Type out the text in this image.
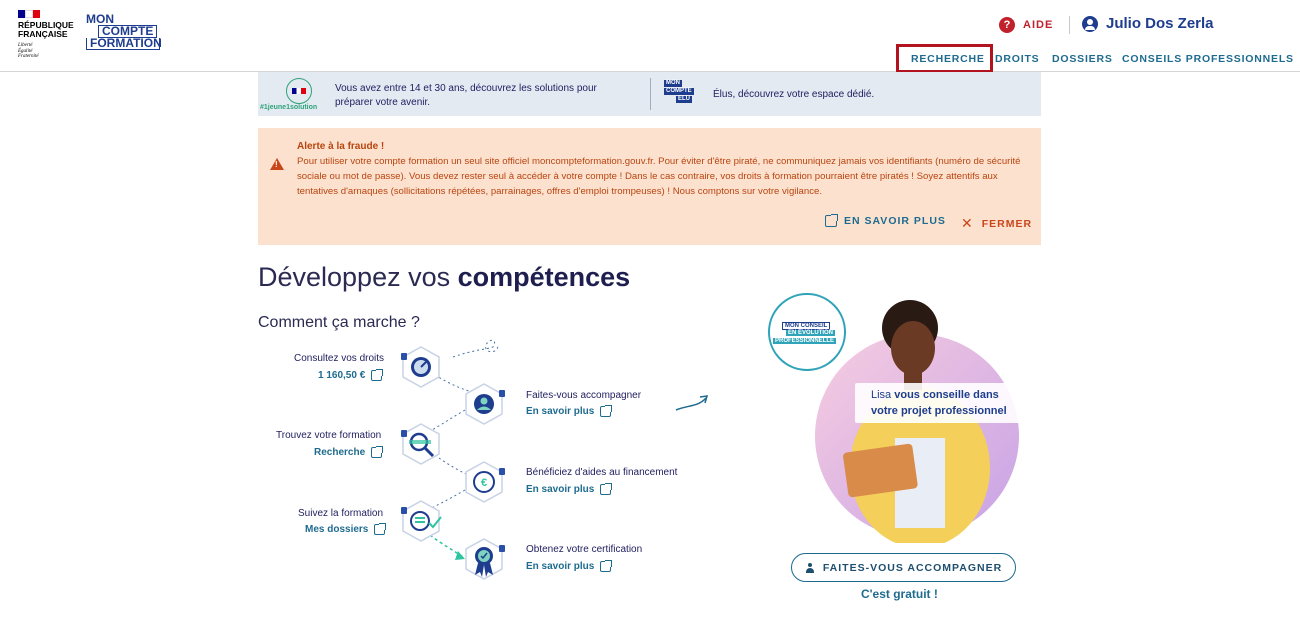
RÉPUBLIQUE
FRANÇAISE
Liberté
Égalité
Fraternité
MON
COMPTE
FORMATION
?	AIDE	Julio Dos Zerla
RECHERCHE DROITS DOSSIERS CONSEILS PROFESSIONNELS
#1jeune1solution
Vous avez entre 14 et 30 ans, découvrez les solutions pour préparer votre avenir.
MON
COMPTE
ELU Élus, découvrez votre espace dédié.
!
Alerte à la fraude !
Pour utiliser votre compte formation un seul site officiel moncompteformation.gouv.fr. Pour éviter d'être piraté, ne communiquez jamais vos identifiants (numéro de sécurité sociale ou mot de passe). Vous devez rester seul à accéder à votre compte ! Dans le cas contraire, vos droits à formation pourraient être piratés ! Soyez attentifs aux tentatives d'arnaques (sollicitations répétées, parrainages, offres d'emploi trompeuses) ! Nous comptons sur votre vigilance.
EN SAVOIR PLUS ✕ FERMER
Développez vos compétences
Comment ça marche ?
€
Consultez vos droits
1 160,50 €
Faites-vous accompagner
En savoir plus
Trouvez votre formation
Recherche
Bénéficiez d'aides au financement
En savoir plus
Suivez la formation
Mes dossiers
Obtenez votre certification
En savoir plus
MON CONSEIL
EN ÉVOLUTION
PROFESSIONNELLE
Lisa vous conseille dans votre projet professionnel
FAITES-VOUS ACCOMPAGNER
C'est gratuit !
